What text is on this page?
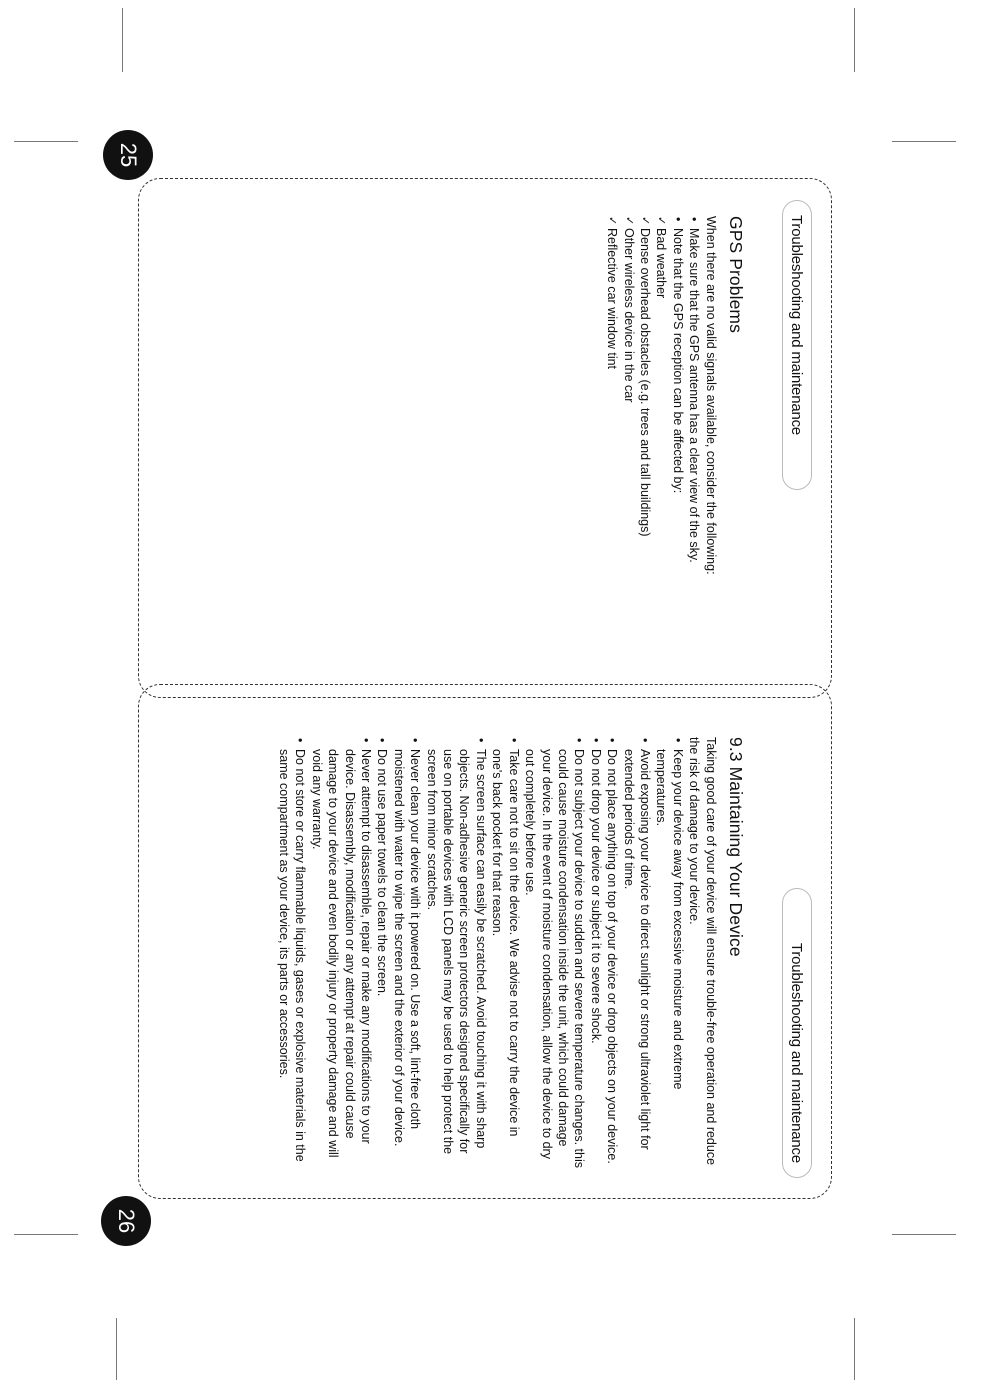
25
26
Troubleshooting and maintenance
Troubleshooting and maintenance
GPS Problems

When there are no valid signals available, consider the following:

• Make sure that the GPS antenna has a clear view of the sky.
• Note that the GPS reception can be affected by:
✓ Bad weather
✓ Dense overhead obstacles (e.g. trees and tall buildings)
✓ Other wireless device in the car
✓ Reflective car window tint
9.3 Maintaining Your Device

Taking good care of your device will ensure trouble-free operation and reduce the risk of damage to your device.

• Keep your device away from excessive moisture and extreme temperatures.
• Avoid exposing your device to direct sunlight or strong ultraviolet light for extended periods of time.
• Do not place anything on top of your device or drop objects on your device.
• Do not drop your device or subject it to severe shock.
• Do not subject your device to sudden and severe temperature changes. this could cause moisture condensation inside the unit, which could damage your device. In the event of moisture condensation, allow the device to dry out completely before use.
• Take care not to sit on the device. We advise not to carry the device in one's back pocket for that reason.
• The screen surface can easily be scratched. Avoid touching it with sharp objects. Non-adhesive generic screen protectors designed specifically for use on portable devices with LCD panels may be used to help protect the screen from minor scratches.
• Never clean your device with it powered on. Use a soft, lint-free cloth moistened with water to wipe the screen and the exterior of your device.
• Do not use paper towels to clean the screen.
• Never attempt to disassemble, repair or make any modifications to your device. Disassembly, modification or any attempt at repair could cause damage to your device and even bodily injury or property damage and will void any warranty.
• Do not store or carry flammable liquids, gases or explosive materials in the same compartment as your device, its parts or accessories.
